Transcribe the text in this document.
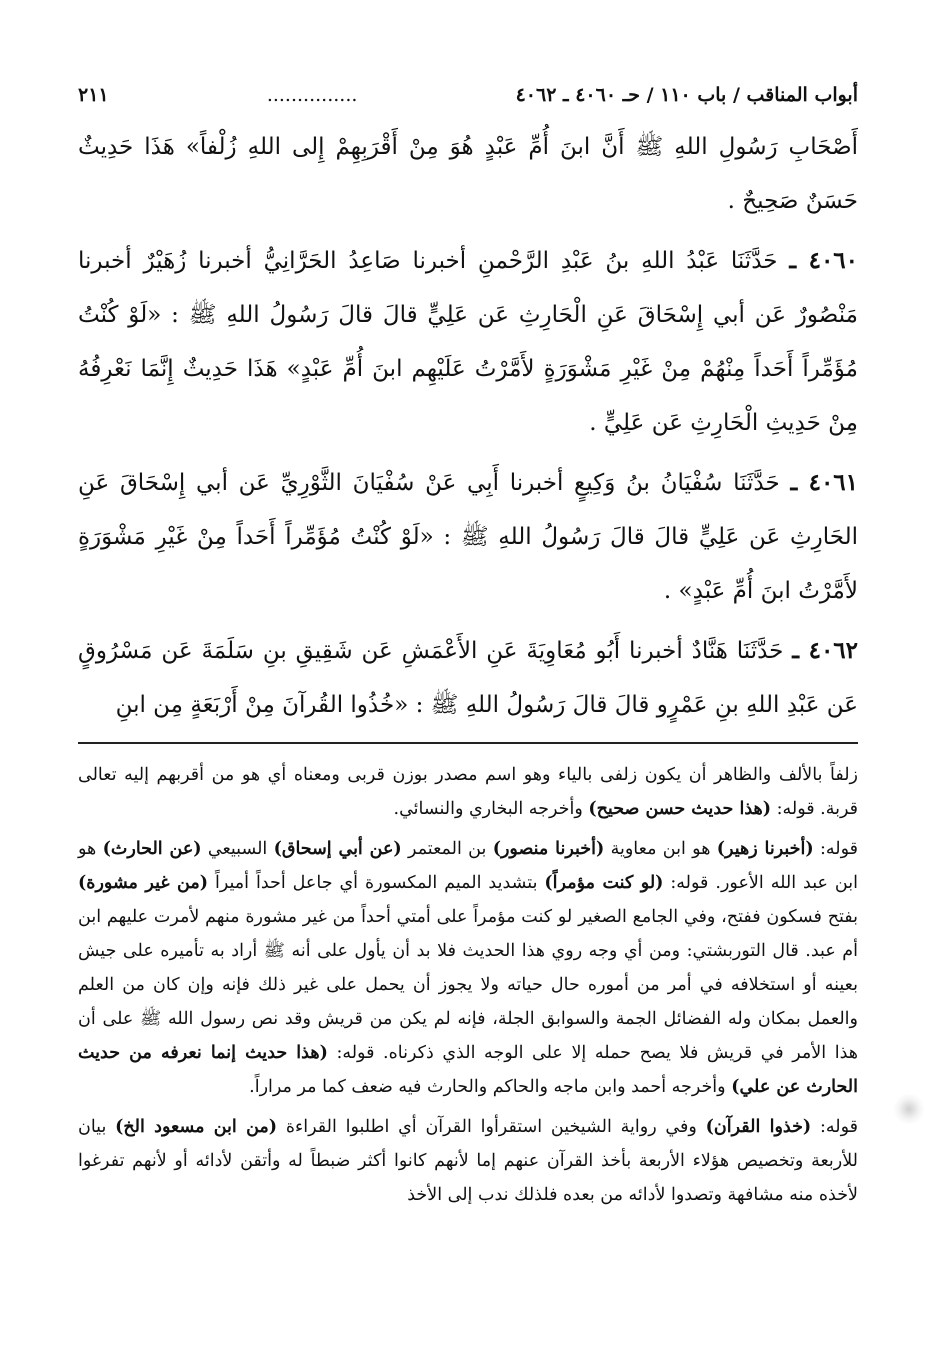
أبواب المناقب / باب ١١٠ / حـ ٤٠٦٠ ـ ٤٠٦٢
...............
٢١١

أَصْحَابِ رَسُولِ اللهِ ﷺ أَنَّ ابنَ أُمِّ عَبْدٍ هُوَ مِنْ أَقْرَبِهِمْ إِلى اللهِ زُلْفاً» هَذَا حَدِيثٌ حَسَنٌ صَحِيحٌ .

٤٠٦٠ ـ حَدَّثَنَا عَبْدُ اللهِ بنُ عَبْدِ الرَّحْمنِ أخبرنا صَاعِدُ الحَرَّانِيُّ أخبرنا زُهَيْرٌ أخبرنا مَنْصُورٌ عَن أبي إِسْحَاقَ عَنِ الْحَارِثِ عَن عَلِيٍّ قالَ قالَ رَسُولُ اللهِ ﷺ : «لَوْ كُنْتُ مُؤَمِّراً أَحَداً مِنْهُمْ مِنْ غَيْرِ مَشْوَرَةٍ لأَمَّرْتُ عَلَيْهِم ابنَ أُمِّ عَبْدٍ» هَذَا حَدِيثٌ إِنَّمَا نَعْرِفُهُ مِنْ حَدِيثِ الْحَارِثِ عَن عَلِيٍّ .

٤٠٦١ ـ حَدَّثَنَا سُفْيَانُ بنُ وَكِيعٍ أخبرنا أَبِي عَنْ سُفْيَانَ الثَّوْرِيِّ عَن أبي إِسْحَاقَ عَنِ الحَارِثِ عَن عَلِيٍّ قالَ قالَ رَسُولُ اللهِ ﷺ : «لَوْ كُنْتُ مُؤَمِّراً أَحَداً مِنْ غَيْرِ مَشْوَرَةٍ لأَمَّرْتُ ابنَ أُمِّ عَبْدٍ» .

٤٠٦٢ ـ حَدَّثَنَا هَنَّادٌ أخبرنا أَبُو مُعَاوِيَةَ عَنِ الأَعْمَشِ عَن شَقِيقِ بنِ سَلَمَةَ عَن مَسْرُوقٍ عَن عَبْدِ اللهِ بنِ عَمْرٍو قالَ قالَ رَسُولُ اللهِ ﷺ : «خُذُوا القُرآنَ مِنْ أَرْبَعَةٍ مِن ابنِ

زلفاً بالألف والظاهر أن يكون زلفى بالياء وهو اسم مصدر بوزن قربى ومعناه أي هو من أقربهم إليه تعالى قربة. قوله: (هذا حديث حسن صحيح) وأخرجه البخاري والنسائي.

قوله: (أخبرنا زهير) هو ابن معاوية (أخبرنا منصور) بن المعتمر (عن أبي إسحاق) السبيعي (عن الحارث) هو ابن عبد الله الأعور. قوله: (لو كنت مؤمراً) بتشديد الميم المكسورة أي جاعل أحداً أميراً (من غير مشورة) بفتح فسكون ففتح، وفي الجامع الصغير لو كنت مؤمراً على أمتي أحداً من غير مشورة منهم لأمرت عليهم ابن أم عبد. قال التوربشتي: ومن أي وجه روي هذا الحديث فلا بد أن يأول على أنه ﷺ أراد به تأميره على جيش بعينه أو استخلافه في أمر من أموره حال حياته ولا يجوز أن يحمل على غير ذلك فإنه وإن كان من العلم والعمل بمكان وله الفضائل الجمة والسوابق الجلة، فإنه لم يكن من قريش وقد نص رسول الله ﷺ على أن هذا الأمر في قريش فلا يصح حمله إلا على الوجه الذي ذكرناه. قوله: (هذا حديث إنما نعرفه من حديث الحارث عن علي) وأخرجه أحمد وابن ماجه والحاكم والحارث فيه ضعف كما مر مراراً.

قوله: (خذوا القرآن) وفي رواية الشيخين استقرأوا القرآن أي اطلبوا القراءة (من ابن مسعود الخ) بيان للأربعة وتخصيص هؤلاء الأربعة بأخذ القرآن عنهم إما لأنهم كانوا أكثر ضبطاً له وأتقن لأدائه أو لأنهم تفرغوا لأخذه منه مشافهة وتصدوا لأدائه من بعده فلذلك ندب إلى الأخذ
